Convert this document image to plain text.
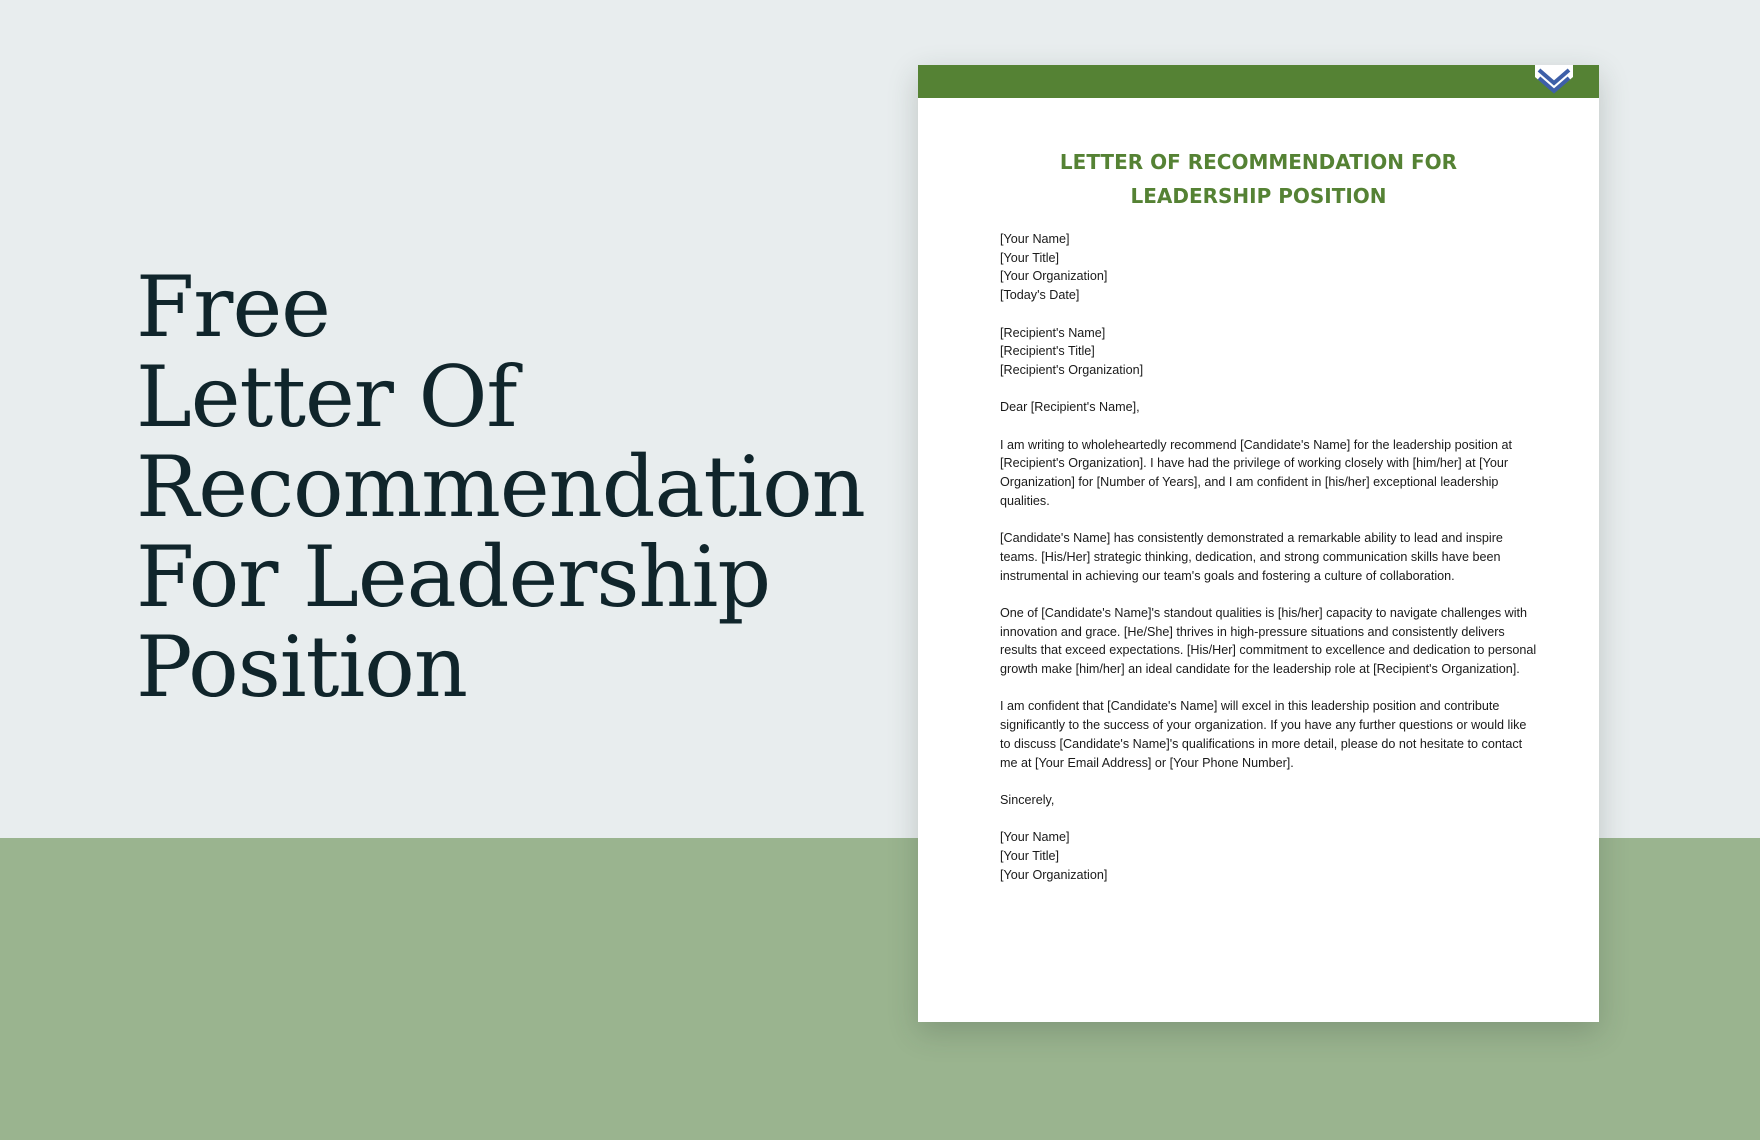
Free
Letter Of
Recommendation
For Leadership
Position
LETTER OF RECOMMENDATION FOR
LEADERSHIP POSITION
[Your Name]
[Your Title]
[Your Organization]
[Today's Date]
[Recipient's Name]
[Recipient's Title]
[Recipient's Organization]

Dear [Recipient's Name],

I am writing to wholeheartedly recommend [Candidate's Name] for the leadership position at [Recipient's Organization]. I have had the privilege of working closely with [him/her] at [Your Organization] for [Number of Years], and I am confident in [his/her] exceptional leadership qualities.

[Candidate's Name] has consistently demonstrated a remarkable ability to lead and inspire teams. [His/Her] strategic thinking, dedication, and strong communication skills have been instrumental in achieving our team's goals and fostering a culture of collaboration.

One of [Candidate's Name]'s standout qualities is [his/her] capacity to navigate challenges with innovation and grace. [He/She] thrives in high-pressure situations and consistently delivers results that exceed expectations. [His/Her] commitment to excellence and dedication to personal growth make [him/her] an ideal candidate for the leadership role at [Recipient's Organization].

I am confident that [Candidate's Name] will excel in this leadership position and contribute significantly to the success of your organization. If you have any further questions or would like to discuss [Candidate's Name]'s qualifications in more detail, please do not hesitate to contact me at [Your Email Address] or [Your Phone Number].

Sincerely,

[Your Name]
[Your Title]
[Your Organization]
